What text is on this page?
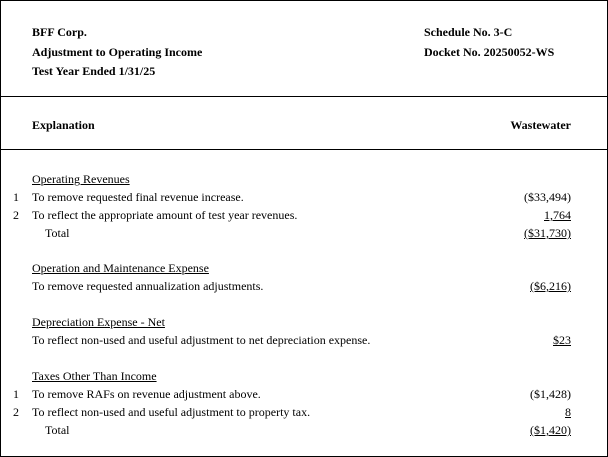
BFF Corp.
Adjustment to Operating Income
Test Year Ended 1/31/25
Schedule No. 3-C
Docket No. 20250052-WS
Explanation	Wastewater
Operating Revenues
1 To remove requested final revenue increase.	($33,494)
2 To reflect the appropriate amount of test year revenues.	1,764
Total	($31,730)
Operation and Maintenance Expense
To remove requested annualization adjustments.	($6,216)
Depreciation Expense - Net
To reflect non-used and useful adjustment to net depreciation expense.	$23
Taxes Other Than Income
1 To remove RAFs on revenue adjustment above.	($1,428)
2 To reflect non-used and useful adjustment to property tax.	8
Total	($1,420)
